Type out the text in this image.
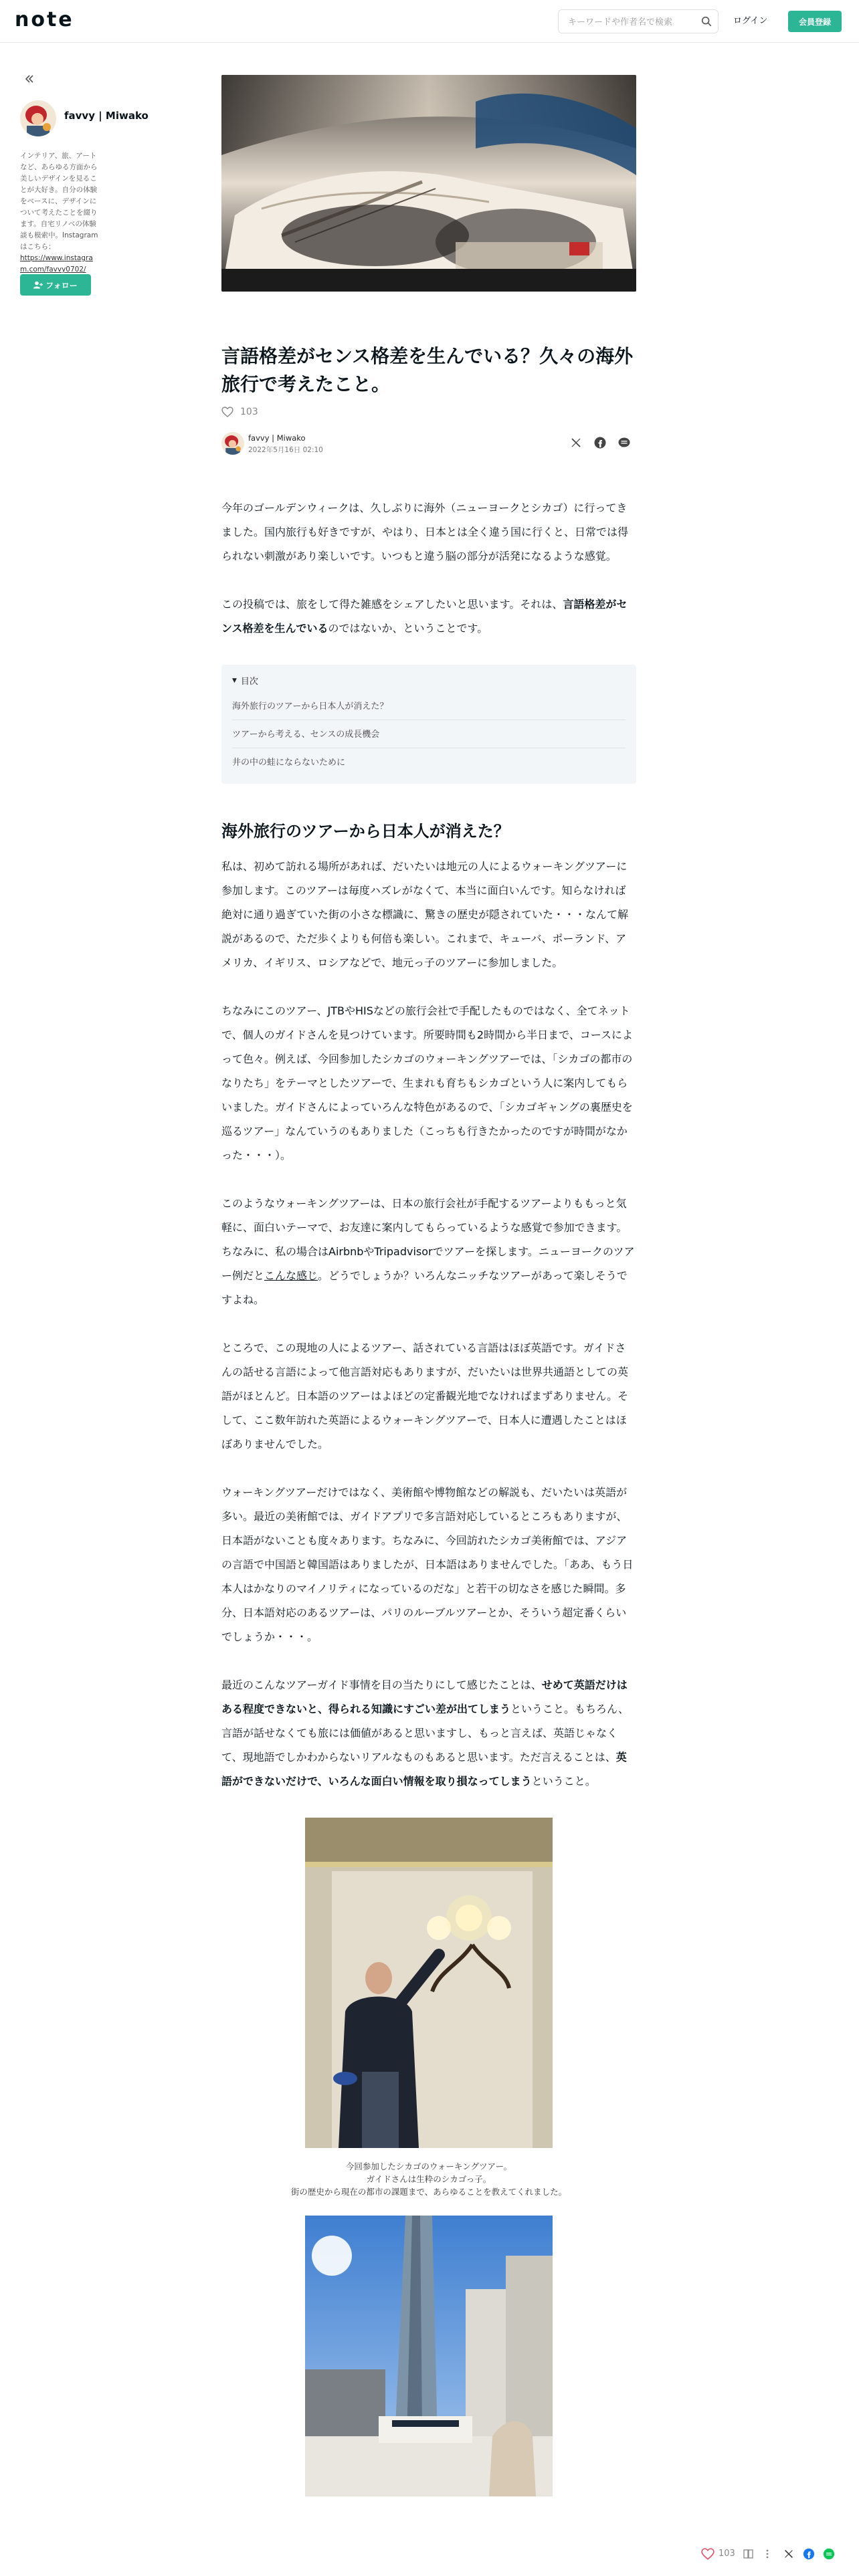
note
キーワードや作者名で検索	ログイン	会員登録
favvy | Miwako
インテリア、旅、アートなど、あらゆる方面から美しいデザインを見ることが大好き。自分の体験をベースに、デザインについて考えたことを綴ります。自宅リノベの体験談も模索中。Instagramはこちら：
https://www.instagram.com/favvy0702/
フォロー
言語格差がセンス格差を生んでいる？久々の海外旅行で考えたこと。
103
favvy | Miwako
2022年5月16日 02:10

今年のゴールデンウィークは、久しぶりに海外（ニューヨークとシカゴ）に行ってきました。国内旅行も好きですが、やはり、日本とは全く違う国に行くと、日常では得られない刺激があり楽しいです。いつもと違う脳の部分が活発になるような感覚。

この投稿では、旅をして得た雑感をシェアしたいと思います。それは、言語格差がセンス格差を生んでいるのではないか、ということです。

▼ 目次
海外旅行のツアーから日本人が消えた？
ツアーから考える、センスの成長機会
井の中の蛙にならないために
海外旅行のツアーから日本人が消えた？

私は、初めて訪れる場所があれば、だいたいは地元の人によるウォーキングツアーに参加します。このツアーは毎度ハズレがなくて、本当に面白いんです。知らなければ絶対に通り過ぎていた街の小さな標識に、驚きの歴史が隠されていた・・・なんて解説があるので、ただ歩くよりも何倍も楽しい。これまで、キューバ、ポーランド、アメリカ、イギリス、ロシアなどで、地元っ子のツアーに参加しました。

ちなみにこのツアー、JTBやHISなどの旅行会社で手配したものではなく、全てネットで、個人のガイドさんを見つけています。所要時間も2時間から半日まで、コースによって色々。例えば、今回参加したシカゴのウォーキングツアーでは、「シカゴの都市のなりたち」をテーマとしたツアーで、生まれも育ちもシカゴという人に案内してもらいました。ガイドさんによっていろんな特色があるので、「シカゴギャングの裏歴史を巡るツアー」なんていうのもありました（こっちも行きたかったのですが時間がなかった・・・）。

このようなウォーキングツアーは、日本の旅行会社が手配するツアーよりももっと気軽に、面白いテーマで、お友達に案内してもらっているような感覚で参加できます。ちなみに、私の場合はAirbnbやTripadvisorでツアーを探します。ニューヨークのツアー例だとこんな感じ。どうでしょうか？いろんなニッチなツアーがあって楽しそうですよね。

ところで、この現地の人によるツアー、話されている言語はほぼ英語です。ガイドさんの話せる言語によって他言語対応もありますが、だいたいは世界共通語としての英語がほとんど。日本語のツアーはよほどの定番観光地でなければまずありません。そして、ここ数年訪れた英語によるウォーキングツアーで、日本人に遭遇したことはほぼありませんでした。

ウォーキングツアーだけではなく、美術館や博物館などの解説も、だいたいは英語が多い。最近の美術館では、ガイドアプリで多言語対応しているところもありますが、日本語がないことも度々あります。ちなみに、今回訪れたシカゴ美術館では、アジアの言語で中国語と韓国語はありましたが、日本語はありませんでした。「ああ、もう日本人はかなりのマイノリティになっているのだな」と若干の切なさを感じた瞬間。多分、日本語対応のあるツアーは、パリのルーブルツアーとか、そういう超定番くらいでしょうか・・・。

最近のこんなツアーガイド事情を目の当たりにして感じたことは、せめて英語だけはある程度できないと、得られる知識にすごい差が出てしまうということ。もちろん、言語が話せなくても旅には価値があると思いますし、もっと言えば、英語じゃなくて、現地語でしかわからないリアルなものもあると思います。ただ言えることは、英語ができないだけで、いろんな面白い情報を取り損なってしまうということ。

今回参加したシカゴのウォーキングツアー。
ガイドさんは生粋のシカゴっ子。
街の歴史から現在の都市の課題まで、あらゆることを教えてくれました。
103
